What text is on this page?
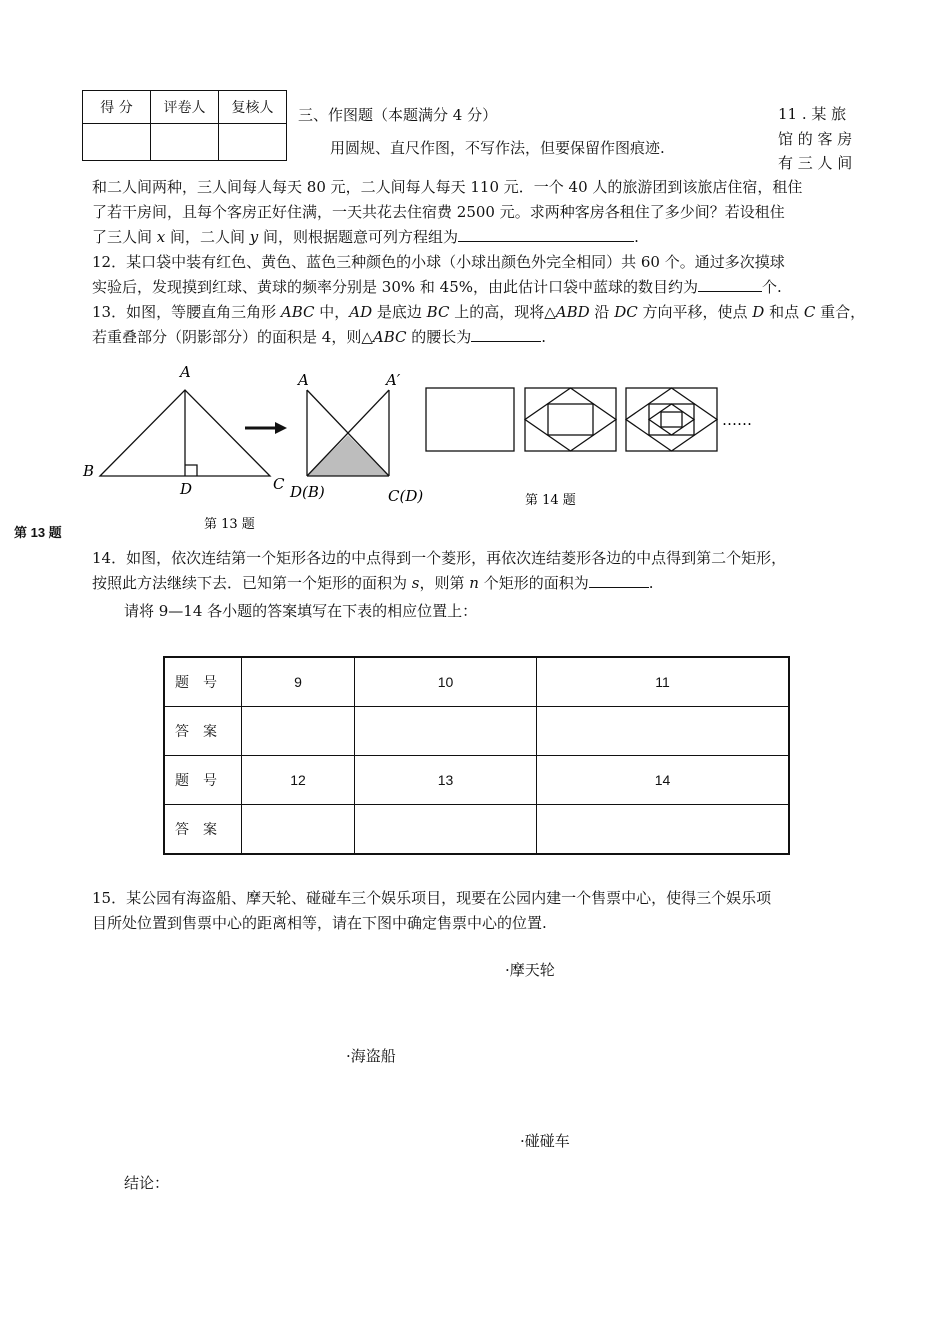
得 分	评卷人	复核人
		三、作图题（本题满分 4 分）
用圆规、直尺作图，不写作法，但要保留作图痕迹.
11 . 某 旅
馆 的 客 房
有 三 人 间
和二人间两种，三人间每人每天 80 元，二人间每人每天 110 元．一个 40 人的旅游团到该旅店住宿，租住
了若干房间，且每个客房正好住满，一天共花去住宿费 2500 元。求两种客房各租住了多少间？若设租住
了三人间 x 间，二人间 y 间，则根据题意可列方程组为	.
12．某口袋中装有红色、黄色、蓝色三种颜色的小球（小球出颜色外完全相同）共 60 个。通过多次摸球
实验后，发现摸到红球、黄球的频率分别是 30% 和 45%，由此估计口袋中蓝球的数目约为	个.
13．如图，等腰直角三角形 ABC 中，AD 是底边 BC 上的高，现将△ABD 沿 DC 方向平移，使点 D 和点 C 重合，
若重叠部分（阴影部分）的面积是 4，则△ABC 的腰长为	.
A
B
C
D
A	A′
D(B)	C(D)
……
第 14 题
第 13 题
第 13 题
14．如图，依次连结第一个矩形各边的中点得到一个菱形，再依次连结菱形各边的中点得到第二个矩形，
按照此方法继续下去．已知第一个矩形的面积为 s，则第 n 个矩形的面积为	.
请将 9—14 各小题的答案填写在下表的相应位置上：
题号	9	10	11
答案			
题号	12	13	14
答案			
15．某公园有海盗船、摩天轮、碰碰车三个娱乐项目，现要在公园内建一个售票中心，使得三个娱乐项
目所处位置到售票中心的距离相等，请在下图中确定售票中心的位置.
·摩天轮
·海盗船
·碰碰车
结论：
